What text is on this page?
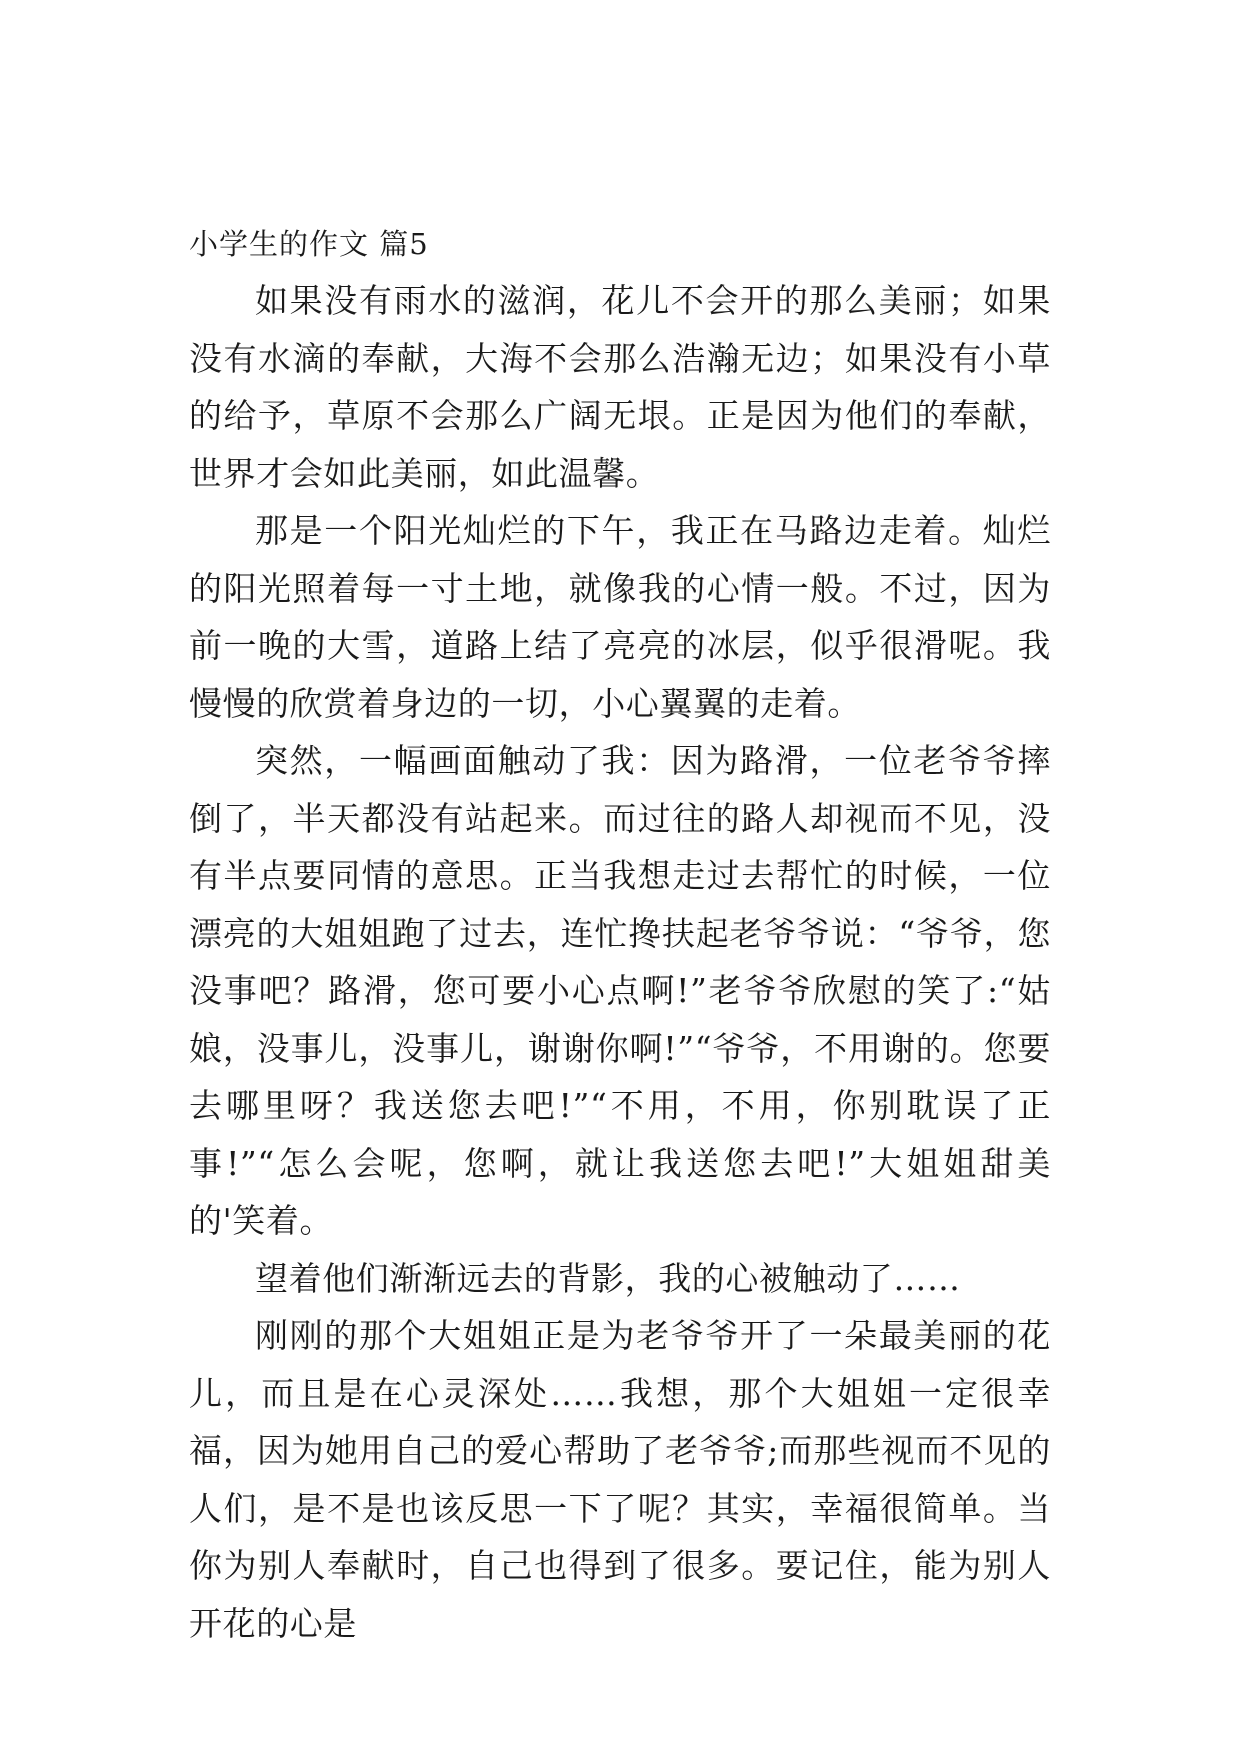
小学生的作文 篇5

如果没有雨水的滋润，花儿不会开的那么美丽；如果没有水滴的奉献，大海不会那么浩瀚无边；如果没有小草的给予，草原不会那么广阔无垠。正是因为他们的奉献，世界才会如此美丽，如此温馨。

那是一个阳光灿烂的下午，我正在马路边走着。灿烂的阳光照着每一寸土地，就像我的心情一般。不过，因为前一晚的大雪，道路上结了亮亮的冰层，似乎很滑呢。我慢慢的欣赏着身边的一切，小心翼翼的走着。

突然，一幅画面触动了我：因为路滑，一位老爷爷摔倒了，半天都没有站起来。而过往的路人却视而不见，没有半点要同情的意思。正当我想走过去帮忙的时候，一位漂亮的大姐姐跑了过去，连忙搀扶起老爷爷说：“爷爷，您没事吧？路滑，您可要小心点啊!”老爷爷欣慰的笑了:“姑娘，没事儿，没事儿，谢谢你啊!”“爷爷，不用谢的。您要去哪里呀？我送您去吧!”“不用，不用，你别耽误了正事!”“怎么会呢，您啊，就让我送您去吧!”大姐姐甜美的'笑着。

望着他们渐渐远去的背影，我的心被触动了……

刚刚的那个大姐姐正是为老爷爷开了一朵最美丽的花儿，而且是在心灵深处……我想，那个大姐姐一定很幸福，因为她用自己的爱心帮助了老爷爷;而那些视而不见的人们，是不是也该反思一下了呢？其实，幸福很简单。当你为别人奉献时，自己也得到了很多。要记住，能为别人开花的心是
